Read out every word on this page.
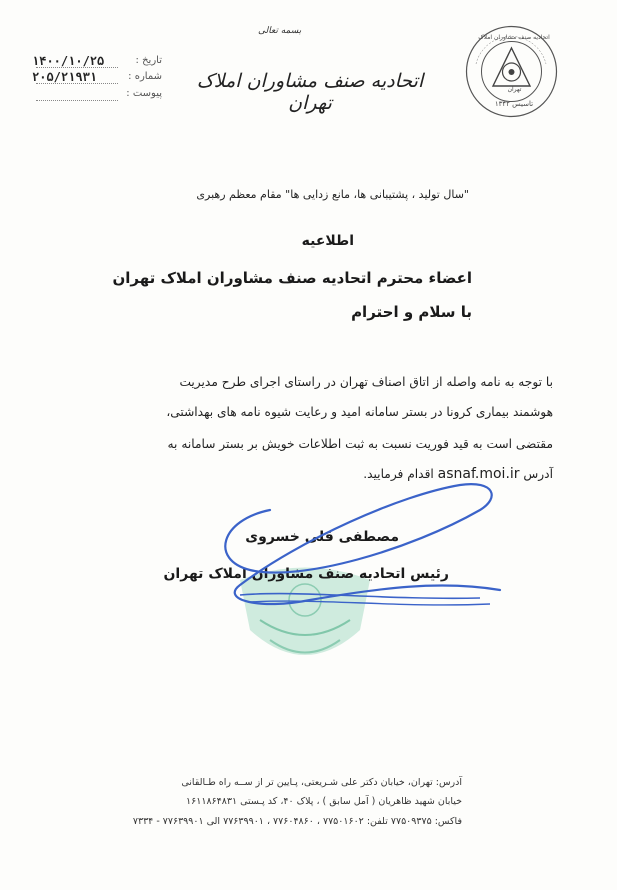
اتحادیه صنف مشاوران املاک
تهران
تاسیس ۱۳۴۲
بسمه تعالی
اتحادیه صنف مشاوران املاک تهران
تاریخ :
۱۴۰۰/۱۰/۲۵
شماره :
۲۰۵/۲۱۹۳۱
پیوست :
"سال تولید ، پشتیبانی ها، مانع زدایی ها" مقام معظم رهبری
اطلاعیه
اعضاء محترم اتحادیه صنف مشاوران املاک تهران
با سلام و احترام
با توجه به نامه واصله از اتاق اصناف تهران در راستای اجرای طرح مدیریت
هوشمند بیماری کرونا در بستر سامانه امید و رعایت شیوه نامه های بهداشتی،
مقتضی است به قید فوریت نسبت به ثبت اطلاعات خویش بر بستر سامانه به
آدرس asnaf.moi.ir اقدام فرمایید.
مصطفی قلی خسروی
رئیس اتحادیه صنف مشاوران املاک تهران
آدرس: تهران، خیابان دکتر علی شـریعتی، پـایین تر از ســه راه طـالقانی
خیابان شهید ظاهریان ( آمل سابق ) ، پلاک ۴۰، کد پـستی ۱۶۱۱۸۶۴۸۳۱
فاکس: ۷۷۵۰۹۳۷۵ تلفن: ۷۷۵۰۱۶۰۲ ، ۷۷۶۰۴۸۶۰ ، ۷۷۶۳۹۹۰۱ الی ۷۷۶۳۹۹۰۱ - ۷۳۳۴
